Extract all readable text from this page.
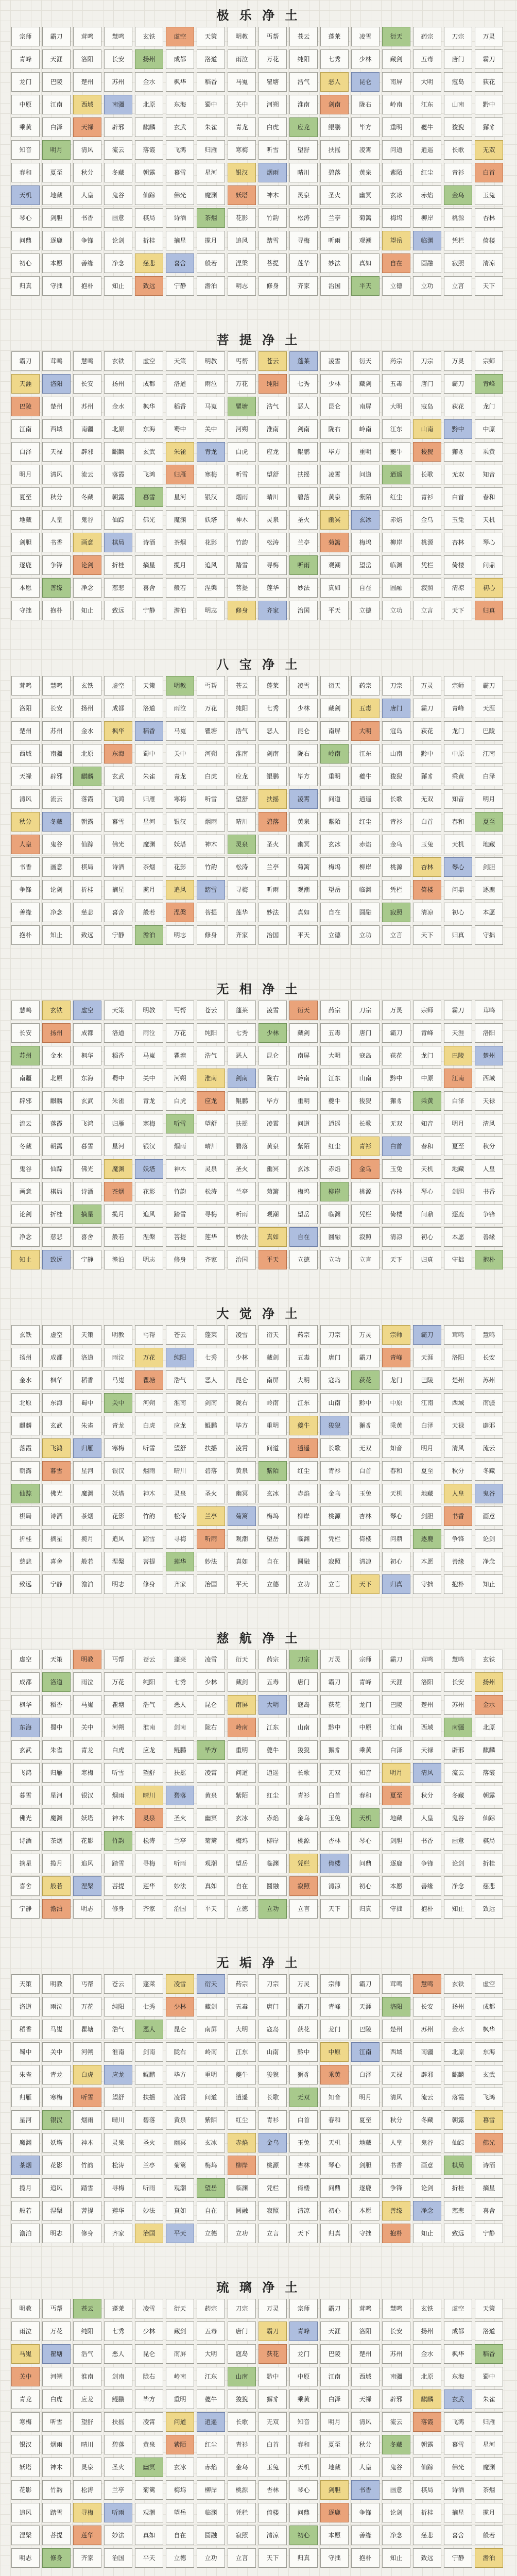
极 乐 净 土
宗师	霸刀	茸鸣	慧鸣	玄铁	虚空	天策	明教	丐帮	苍云	蓬莱	凌雪	衍天	药宗	刀宗	万灵
青峰	天涯	洛阳	长安	扬州	成都	洛道	雨泣	万花	纯阳	七秀	少林	藏剑	五毒	唐门	霸刀
龙门	巴陵	楚州	苏州	金水	枫华	稻香	马嵬	瞿塘	浩气	恶人	昆仑	南屏	大明	寇岛	荻花
中原	江南	西域	南疆	北原	东海	蜀中	关中	河朔	淮南	剑南	陇右	岭南	江东	山南	黔中
乘黄	白泽	天禄	辟邪	麒麟	玄武	朱雀	青龙	白虎	应龙	鲲鹏	毕方	重明	夔牛	狻猊	獬豸
知音	明月	清风	流云	落霞	飞鸿	归雁	寒梅	听雪	望舒	扶摇	凌霄	问道	逍遥	长歌	无双
春和	夏至	秋分	冬藏	朝露	暮雪	星河	银汉	烟雨	晴川	碧落	黄泉	紫陌	红尘	青衫	白首
天机	地藏	人皇	鬼谷	仙踪	佛光	魔渊	妖塔	神木	灵泉	圣火	幽冥	玄冰	赤焰	金乌	玉兔
琴心	剑胆	书香	画意	棋局	诗酒	茶烟	花影	竹韵	松涛	兰亭	菊篱	梅坞	柳岸	桃源	杏林
问鼎	逐鹿	争锋	论剑	折桂	摘星	揽月	追风	踏雪	寻梅	听雨	观潮	望岳	临渊	凭栏	倚楼
初心	本愿	善缘	净念	慈悲	喜舍	般若	涅槃	菩提	莲华	妙法	真如	自在	圆融	寂照	清凉
归真	守拙	抱朴	知止	致远	宁静	澹泊	明志	修身	齐家	治国	平天	立德	立功	立言	天下
菩 提 净 土
霸刀	茸鸣	慧鸣	玄铁	虚空	天策	明教	丐帮	苍云	蓬莱	凌雪	衍天	药宗	刀宗	万灵	宗师
天涯	洛阳	长安	扬州	成都	洛道	雨泣	万花	纯阳	七秀	少林	藏剑	五毒	唐门	霸刀	青峰
巴陵	楚州	苏州	金水	枫华	稻香	马嵬	瞿塘	浩气	恶人	昆仑	南屏	大明	寇岛	荻花	龙门
江南	西域	南疆	北原	东海	蜀中	关中	河朔	淮南	剑南	陇右	岭南	江东	山南	黔中	中原
白泽	天禄	辟邪	麒麟	玄武	朱雀	青龙	白虎	应龙	鲲鹏	毕方	重明	夔牛	狻猊	獬豸	乘黄
明月	清风	流云	落霞	飞鸿	归雁	寒梅	听雪	望舒	扶摇	凌霄	问道	逍遥	长歌	无双	知音
夏至	秋分	冬藏	朝露	暮雪	星河	银汉	烟雨	晴川	碧落	黄泉	紫陌	红尘	青衫	白首	春和
地藏	人皇	鬼谷	仙踪	佛光	魔渊	妖塔	神木	灵泉	圣火	幽冥	玄冰	赤焰	金乌	玉兔	天机
剑胆	书香	画意	棋局	诗酒	茶烟	花影	竹韵	松涛	兰亭	菊篱	梅坞	柳岸	桃源	杏林	琴心
逐鹿	争锋	论剑	折桂	摘星	揽月	追风	踏雪	寻梅	听雨	观潮	望岳	临渊	凭栏	倚楼	问鼎
本愿	善缘	净念	慈悲	喜舍	般若	涅槃	菩提	莲华	妙法	真如	自在	圆融	寂照	清凉	初心
守拙	抱朴	知止	致远	宁静	澹泊	明志	修身	齐家	治国	平天	立德	立功	立言	天下	归真
八 宝 净 土
茸鸣	慧鸣	玄铁	虚空	天策	明教	丐帮	苍云	蓬莱	凌雪	衍天	药宗	刀宗	万灵	宗师	霸刀
洛阳	长安	扬州	成都	洛道	雨泣	万花	纯阳	七秀	少林	藏剑	五毒	唐门	霸刀	青峰	天涯
楚州	苏州	金水	枫华	稻香	马嵬	瞿塘	浩气	恶人	昆仑	南屏	大明	寇岛	荻花	龙门	巴陵
西域	南疆	北原	东海	蜀中	关中	河朔	淮南	剑南	陇右	岭南	江东	山南	黔中	中原	江南
天禄	辟邪	麒麟	玄武	朱雀	青龙	白虎	应龙	鲲鹏	毕方	重明	夔牛	狻猊	獬豸	乘黄	白泽
清风	流云	落霞	飞鸿	归雁	寒梅	听雪	望舒	扶摇	凌霄	问道	逍遥	长歌	无双	知音	明月
秋分	冬藏	朝露	暮雪	星河	银汉	烟雨	晴川	碧落	黄泉	紫陌	红尘	青衫	白首	春和	夏至
人皇	鬼谷	仙踪	佛光	魔渊	妖塔	神木	灵泉	圣火	幽冥	玄冰	赤焰	金乌	玉兔	天机	地藏
书香	画意	棋局	诗酒	茶烟	花影	竹韵	松涛	兰亭	菊篱	梅坞	柳岸	桃源	杏林	琴心	剑胆
争锋	论剑	折桂	摘星	揽月	追风	踏雪	寻梅	听雨	观潮	望岳	临渊	凭栏	倚楼	问鼎	逐鹿
善缘	净念	慈悲	喜舍	般若	涅槃	菩提	莲华	妙法	真如	自在	圆融	寂照	清凉	初心	本愿
抱朴	知止	致远	宁静	澹泊	明志	修身	齐家	治国	平天	立德	立功	立言	天下	归真	守拙
无 相 净 土
慧鸣	玄铁	虚空	天策	明教	丐帮	苍云	蓬莱	凌雪	衍天	药宗	刀宗	万灵	宗师	霸刀	茸鸣
长安	扬州	成都	洛道	雨泣	万花	纯阳	七秀	少林	藏剑	五毒	唐门	霸刀	青峰	天涯	洛阳
苏州	金水	枫华	稻香	马嵬	瞿塘	浩气	恶人	昆仑	南屏	大明	寇岛	荻花	龙门	巴陵	楚州
南疆	北原	东海	蜀中	关中	河朔	淮南	剑南	陇右	岭南	江东	山南	黔中	中原	江南	西域
辟邪	麒麟	玄武	朱雀	青龙	白虎	应龙	鲲鹏	毕方	重明	夔牛	狻猊	獬豸	乘黄	白泽	天禄
流云	落霞	飞鸿	归雁	寒梅	听雪	望舒	扶摇	凌霄	问道	逍遥	长歌	无双	知音	明月	清风
冬藏	朝露	暮雪	星河	银汉	烟雨	晴川	碧落	黄泉	紫陌	红尘	青衫	白首	春和	夏至	秋分
鬼谷	仙踪	佛光	魔渊	妖塔	神木	灵泉	圣火	幽冥	玄冰	赤焰	金乌	玉兔	天机	地藏	人皇
画意	棋局	诗酒	茶烟	花影	竹韵	松涛	兰亭	菊篱	梅坞	柳岸	桃源	杏林	琴心	剑胆	书香
论剑	折桂	摘星	揽月	追风	踏雪	寻梅	听雨	观潮	望岳	临渊	凭栏	倚楼	问鼎	逐鹿	争锋
净念	慈悲	喜舍	般若	涅槃	菩提	莲华	妙法	真如	自在	圆融	寂照	清凉	初心	本愿	善缘
知止	致远	宁静	澹泊	明志	修身	齐家	治国	平天	立德	立功	立言	天下	归真	守拙	抱朴
大 觉 净 土
玄铁	虚空	天策	明教	丐帮	苍云	蓬莱	凌雪	衍天	药宗	刀宗	万灵	宗师	霸刀	茸鸣	慧鸣
扬州	成都	洛道	雨泣	万花	纯阳	七秀	少林	藏剑	五毒	唐门	霸刀	青峰	天涯	洛阳	长安
金水	枫华	稻香	马嵬	瞿塘	浩气	恶人	昆仑	南屏	大明	寇岛	荻花	龙门	巴陵	楚州	苏州
北原	东海	蜀中	关中	河朔	淮南	剑南	陇右	岭南	江东	山南	黔中	中原	江南	西域	南疆
麒麟	玄武	朱雀	青龙	白虎	应龙	鲲鹏	毕方	重明	夔牛	狻猊	獬豸	乘黄	白泽	天禄	辟邪
落霞	飞鸿	归雁	寒梅	听雪	望舒	扶摇	凌霄	问道	逍遥	长歌	无双	知音	明月	清风	流云
朝露	暮雪	星河	银汉	烟雨	晴川	碧落	黄泉	紫陌	红尘	青衫	白首	春和	夏至	秋分	冬藏
仙踪	佛光	魔渊	妖塔	神木	灵泉	圣火	幽冥	玄冰	赤焰	金乌	玉兔	天机	地藏	人皇	鬼谷
棋局	诗酒	茶烟	花影	竹韵	松涛	兰亭	菊篱	梅坞	柳岸	桃源	杏林	琴心	剑胆	书香	画意
折桂	摘星	揽月	追风	踏雪	寻梅	听雨	观潮	望岳	临渊	凭栏	倚楼	问鼎	逐鹿	争锋	论剑
慈悲	喜舍	般若	涅槃	菩提	莲华	妙法	真如	自在	圆融	寂照	清凉	初心	本愿	善缘	净念
致远	宁静	澹泊	明志	修身	齐家	治国	平天	立德	立功	立言	天下	归真	守拙	抱朴	知止
慈 航 净 土
虚空	天策	明教	丐帮	苍云	蓬莱	凌雪	衍天	药宗	刀宗	万灵	宗师	霸刀	茸鸣	慧鸣	玄铁
成都	洛道	雨泣	万花	纯阳	七秀	少林	藏剑	五毒	唐门	霸刀	青峰	天涯	洛阳	长安	扬州
枫华	稻香	马嵬	瞿塘	浩气	恶人	昆仑	南屏	大明	寇岛	荻花	龙门	巴陵	楚州	苏州	金水
东海	蜀中	关中	河朔	淮南	剑南	陇右	岭南	江东	山南	黔中	中原	江南	西域	南疆	北原
玄武	朱雀	青龙	白虎	应龙	鲲鹏	毕方	重明	夔牛	狻猊	獬豸	乘黄	白泽	天禄	辟邪	麒麟
飞鸿	归雁	寒梅	听雪	望舒	扶摇	凌霄	问道	逍遥	长歌	无双	知音	明月	清风	流云	落霞
暮雪	星河	银汉	烟雨	晴川	碧落	黄泉	紫陌	红尘	青衫	白首	春和	夏至	秋分	冬藏	朝露
佛光	魔渊	妖塔	神木	灵泉	圣火	幽冥	玄冰	赤焰	金乌	玉兔	天机	地藏	人皇	鬼谷	仙踪
诗酒	茶烟	花影	竹韵	松涛	兰亭	菊篱	梅坞	柳岸	桃源	杏林	琴心	剑胆	书香	画意	棋局
摘星	揽月	追风	踏雪	寻梅	听雨	观潮	望岳	临渊	凭栏	倚楼	问鼎	逐鹿	争锋	论剑	折桂
喜舍	般若	涅槃	菩提	莲华	妙法	真如	自在	圆融	寂照	清凉	初心	本愿	善缘	净念	慈悲
宁静	澹泊	明志	修身	齐家	治国	平天	立德	立功	立言	天下	归真	守拙	抱朴	知止	致远
无 垢 净 土
天策	明教	丐帮	苍云	蓬莱	凌雪	衍天	药宗	刀宗	万灵	宗师	霸刀	茸鸣	慧鸣	玄铁	虚空
洛道	雨泣	万花	纯阳	七秀	少林	藏剑	五毒	唐门	霸刀	青峰	天涯	洛阳	长安	扬州	成都
稻香	马嵬	瞿塘	浩气	恶人	昆仑	南屏	大明	寇岛	荻花	龙门	巴陵	楚州	苏州	金水	枫华
蜀中	关中	河朔	淮南	剑南	陇右	岭南	江东	山南	黔中	中原	江南	西域	南疆	北原	东海
朱雀	青龙	白虎	应龙	鲲鹏	毕方	重明	夔牛	狻猊	獬豸	乘黄	白泽	天禄	辟邪	麒麟	玄武
归雁	寒梅	听雪	望舒	扶摇	凌霄	问道	逍遥	长歌	无双	知音	明月	清风	流云	落霞	飞鸿
星河	银汉	烟雨	晴川	碧落	黄泉	紫陌	红尘	青衫	白首	春和	夏至	秋分	冬藏	朝露	暮雪
魔渊	妖塔	神木	灵泉	圣火	幽冥	玄冰	赤焰	金乌	玉兔	天机	地藏	人皇	鬼谷	仙踪	佛光
茶烟	花影	竹韵	松涛	兰亭	菊篱	梅坞	柳岸	桃源	杏林	琴心	剑胆	书香	画意	棋局	诗酒
揽月	追风	踏雪	寻梅	听雨	观潮	望岳	临渊	凭栏	倚楼	问鼎	逐鹿	争锋	论剑	折桂	摘星
般若	涅槃	菩提	莲华	妙法	真如	自在	圆融	寂照	清凉	初心	本愿	善缘	净念	慈悲	喜舍
澹泊	明志	修身	齐家	治国	平天	立德	立功	立言	天下	归真	守拙	抱朴	知止	致远	宁静
琉 璃 净 土
明教	丐帮	苍云	蓬莱	凌雪	衍天	药宗	刀宗	万灵	宗师	霸刀	茸鸣	慧鸣	玄铁	虚空	天策
雨泣	万花	纯阳	七秀	少林	藏剑	五毒	唐门	霸刀	青峰	天涯	洛阳	长安	扬州	成都	洛道
马嵬	瞿塘	浩气	恶人	昆仑	南屏	大明	寇岛	荻花	龙门	巴陵	楚州	苏州	金水	枫华	稻香
关中	河朔	淮南	剑南	陇右	岭南	江东	山南	黔中	中原	江南	西域	南疆	北原	东海	蜀中
青龙	白虎	应龙	鲲鹏	毕方	重明	夔牛	狻猊	獬豸	乘黄	白泽	天禄	辟邪	麒麟	玄武	朱雀
寒梅	听雪	望舒	扶摇	凌霄	问道	逍遥	长歌	无双	知音	明月	清风	流云	落霞	飞鸿	归雁
银汉	烟雨	晴川	碧落	黄泉	紫陌	红尘	青衫	白首	春和	夏至	秋分	冬藏	朝露	暮雪	星河
妖塔	神木	灵泉	圣火	幽冥	玄冰	赤焰	金乌	玉兔	天机	地藏	人皇	鬼谷	仙踪	佛光	魔渊
花影	竹韵	松涛	兰亭	菊篱	梅坞	柳岸	桃源	杏林	琴心	剑胆	书香	画意	棋局	诗酒	茶烟
追风	踏雪	寻梅	听雨	观潮	望岳	临渊	凭栏	倚楼	问鼎	逐鹿	争锋	论剑	折桂	摘星	揽月
涅槃	菩提	莲华	妙法	真如	自在	圆融	寂照	清凉	初心	本愿	善缘	净念	慈悲	喜舍	般若
明志	修身	齐家	治国	平天	立德	立功	立言	天下	归真	守拙	抱朴	知止	致远	宁静	澹泊
